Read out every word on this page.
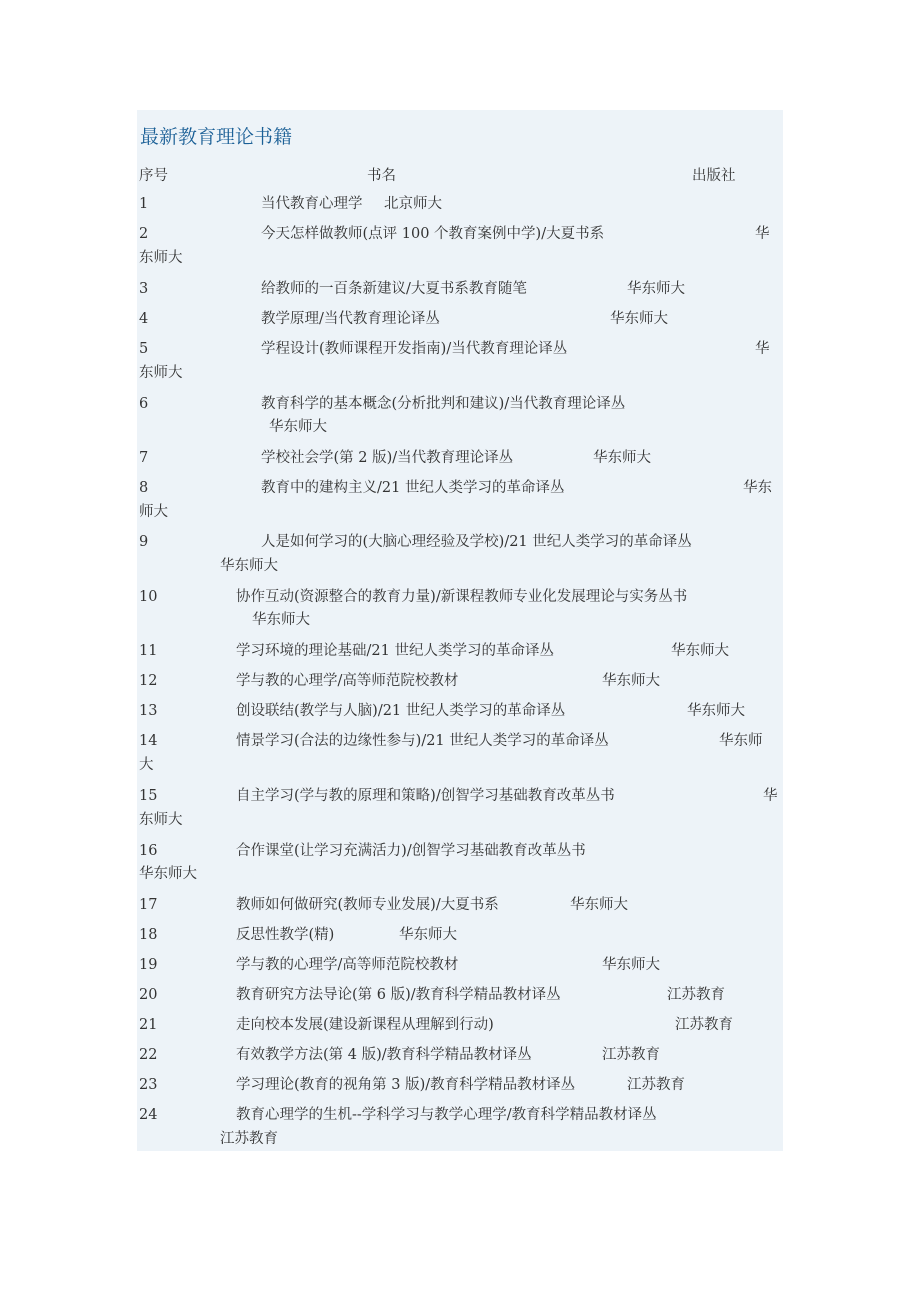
最新教育理论书籍
序号	书名	出版社
1	当代教育心理学 北京师大
2	今天怎样做教师(点评 100 个教育案例中学)/大夏书系	华
东师大
3	给教师的一百条新建议/大夏书系教育随笔	华东师大
4	教学原理/当代教育理论译丛	华东师大
5	学程设计(教师课程开发指南)/当代教育理论译丛	华
东师大
6	教育科学的基本概念(分析批判和建议)/当代教育理论译丛
华东师大
7	学校社会学(第 2 版)/当代教育理论译丛	华东师大
8	教育中的建构主义/21 世纪人类学习的革命译丛	华东
师大
9	人是如何学习的(大脑心理经验及学校)/21 世纪人类学习的革命译丛
华东师大
10	协作互动(资源整合的教育力量)/新课程教师专业化发展理论与实务丛书
华东师大
11	学习环境的理论基础/21 世纪人类学习的革命译丛	华东师大
12	学与教的心理学/高等师范院校教材	华东师大
13	创设联结(教学与人脑)/21 世纪人类学习的革命译丛	华东师大
14	情景学习(合法的边缘性参与)/21 世纪人类学习的革命译丛	华东师
大
15	自主学习(学与教的原理和策略)/创智学习基础教育改革丛书	华
东师大
16	合作课堂(让学习充满活力)/创智学习基础教育改革丛书
华东师大
17	教师如何做研究(教师专业发展)/大夏书系	华东师大
18	反思性教学(精)	华东师大
19	学与教的心理学/高等师范院校教材	华东师大
20	教育研究方法导论(第 6 版)/教育科学精品教材译丛	江苏教育
21	走向校本发展(建设新课程从理解到行动)	江苏教育
22	有效教学方法(第 4 版)/教育科学精品教材译丛	江苏教育
23	学习理论(教育的视角第 3 版)/教育科学精品教材译丛	江苏教育
24	教育心理学的生机--学科学习与教学心理学/教育科学精品教材译丛
江苏教育
